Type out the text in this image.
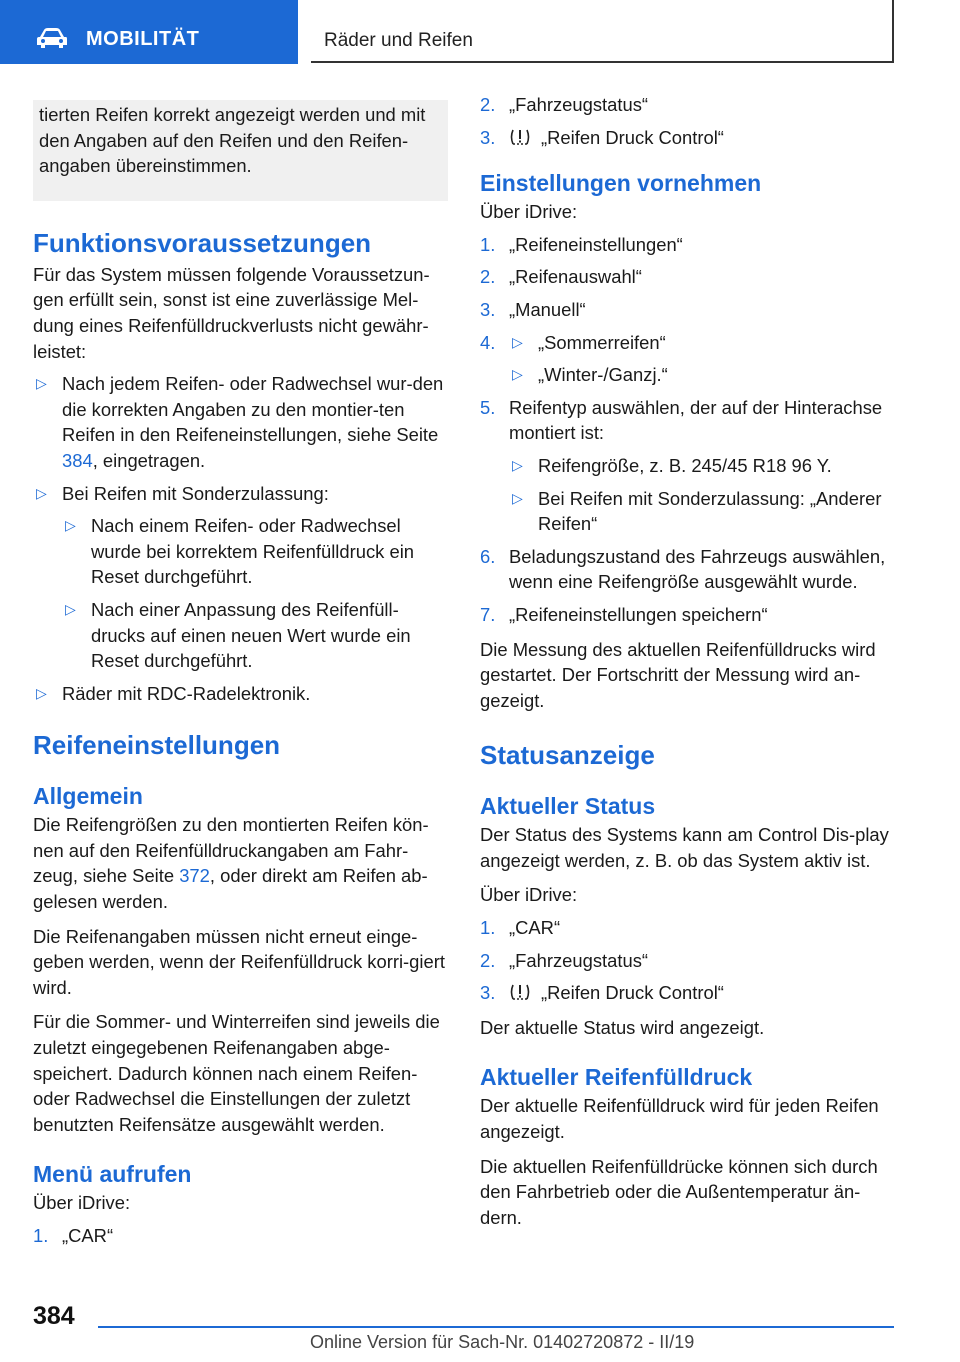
MOBILITÄT	Räder und Reifen

tierten Reifen korrekt angezeigt werden und mit den Angaben auf den Reifen und den Reifen-angaben übereinstimmen.

Funktionsvoraussetzungen

Für das System müssen folgende Voraussetzun-gen erfüllt sein, sonst ist eine zuverlässige Mel-dung eines Reifenfülldruckverlusts nicht gewähr-leistet:

▷ Nach jedem Reifen- oder Radwechsel wur-den die korrekten Angaben zu den montier-ten Reifen in den Reifeneinstellungen, siehe Seite 384, eingetragen.
▷ Bei Reifen mit Sonderzulassung:
▷ Nach einem Reifen- oder Radwechsel wurde bei korrektem Reifenfülldruck ein Reset durchgeführt.
▷ Nach einer Anpassung des Reifenfüll-drucks auf einen neuen Wert wurde ein Reset durchgeführt.
▷ Räder mit RDC-Radelektronik.
Reifeneinstellungen
Allgemein

Die Reifengrößen zu den montierten Reifen kön-nen auf den Reifenfülldruckangaben am Fahr-zeug, siehe Seite 372, oder direkt am Reifen ab-gelesen werden.

Die Reifenangaben müssen nicht erneut einge-geben werden, wenn der Reifenfülldruck korri-giert wird.

Für die Sommer- und Winterreifen sind jeweils die zuletzt eingegebenen Reifenangaben abge-speichert. Dadurch können nach einem Reifen- oder Radwechsel die Einstellungen der zuletzt benutzten Reifensätze ausgewählt werden.

Menü aufrufen

Über iDrive:

1. „CAR“
2. „Fahrzeugstatus“
3. „Reifen Druck Control“
Einstellungen vornehmen

Über iDrive:

1. „Reifeneinstellungen“
2. „Reifenauswahl“
3. „Manuell“
4. ▷ „Sommerreifen“
▷ „Winter-/Ganzj.“
5. Reifentyp auswählen, der auf der Hinterachse montiert ist:
▷ Reifengröße, z. B. 245/45 R18 96 Y.
▷ Bei Reifen mit Sonderzulassung: „Anderer Reifen“
6. Beladungszustand des Fahrzeugs auswählen, wenn eine Reifengröße ausgewählt wurde.
7. „Reifeneinstellungen speichern“

Die Messung des aktuellen Reifenfülldrucks wird gestartet. Der Fortschritt der Messung wird an-gezeigt.

Statusanzeige
Aktueller Status

Der Status des Systems kann am Control Dis-play angezeigt werden, z. B. ob das System aktiv ist.

Über iDrive:

1. „CAR“
2. „Fahrzeugstatus“
3. „Reifen Druck Control“

Der aktuelle Status wird angezeigt.

Aktueller Reifenfülldruck

Der aktuelle Reifenfülldruck wird für jeden Reifen angezeigt.

Die aktuellen Reifenfülldrücke können sich durch den Fahrbetrieb oder die Außentemperatur än-dern.

384
Online Version für Sach-Nr. 01402720872 - II/19
